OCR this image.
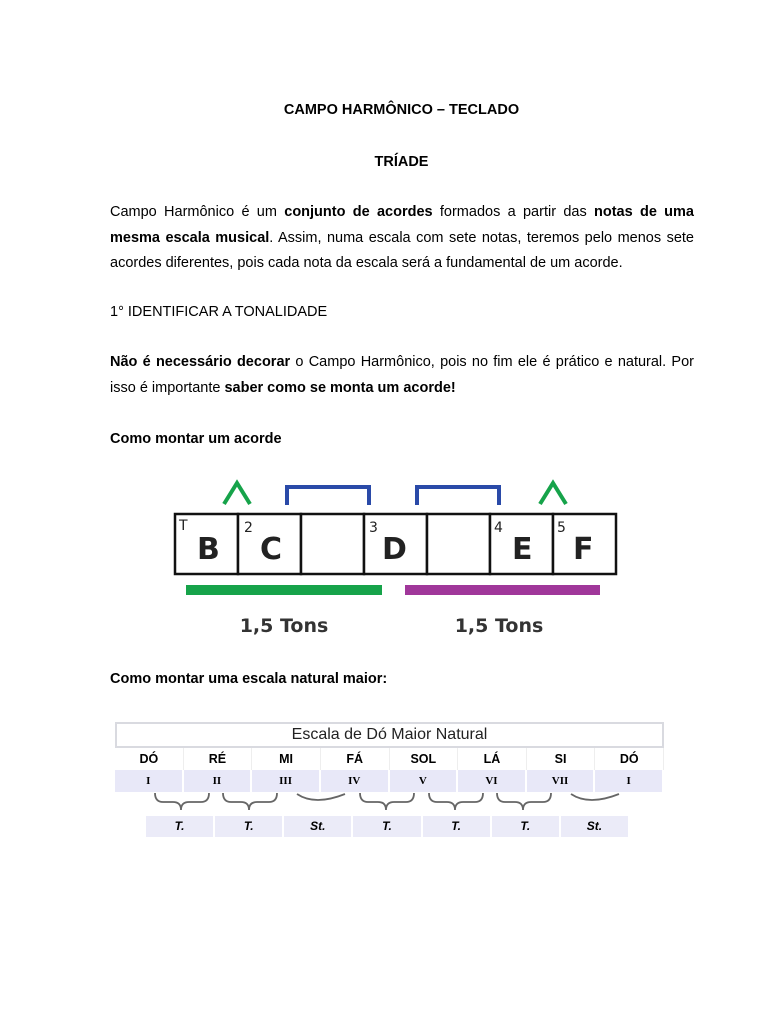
CAMPO HARMÔNICO – TECLADO
TRÍADE
Campo Harmônico é um conjunto de acordes formados a partir das notas de uma mesma escala musical. Assim, numa escala com sete notas, teremos pelo menos sete acordes diferentes, pois cada nota da escala será a fundamental de um acorde.
1° IDENTIFICAR A TONALIDADE
Não é necessário decorar o Campo Harmônico, pois no fim ele é prático e natural. Por isso é importante saber como se monta um acorde!
Como montar um acorde
T
B
2
C
3
D
4
E
5
F
1,5 Tons	1,5 Tons
Como montar uma escala natural maior:
Escala de Dó Maior Natural
DÓ	RÉ	MI	FÁ	SOL	LÁ	SI	DÓ
I	II	III	IV	V	VI	VII	I
T.	T.	St.	T.	T.	T.	St.
